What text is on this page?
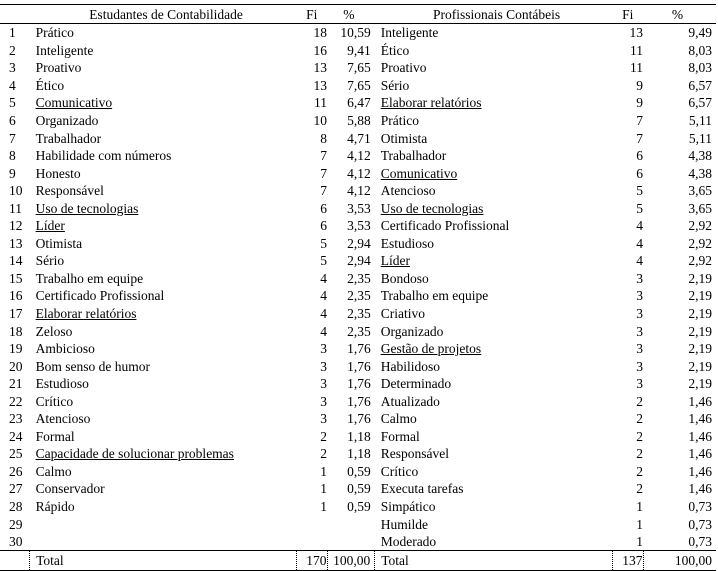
	Estudantes de Contabilidade	Fi	%	Profissionais Contábeis	Fi	%
1	Prático	18	10,59	Inteligente	13	9,49
2	Inteligente	16	9,41	Ético	11	8,03
3	Proativo	13	7,65	Proativo	11	8,03
4	Ético	13	7,65	Sério	9	6,57
5	Comunicativo	11	6,47	Elaborar relatórios	9	6,57
6	Organizado	10	5,88	Prático	7	5,11
7	Trabalhador	8	4,71	Otimista	7	5,11
8	Habilidade com números	7	4,12	Trabalhador	6	4,38
9	Honesto	7	4,12	Comunicativo	6	4,38
10	Responsável	7	4,12	Atencioso	5	3,65
11	Uso de tecnologias	6	3,53	Uso de tecnologias	5	3,65
12	Líder	6	3,53	Certificado Profissional	4	2,92
13	Otimista	5	2,94	Estudioso	4	2,92
14	Sério	5	2,94	Líder	4	2,92
15	Trabalho em equipe	4	2,35	Bondoso	3	2,19
16	Certificado Profissional	4	2,35	Trabalho em equipe	3	2,19
17	Elaborar relatórios	4	2,35	Criativo	3	2,19
18	Zeloso	4	2,35	Organizado	3	2,19
19	Ambicioso	3	1,76	Gestão de projetos	3	2,19
20	Bom senso de humor	3	1,76	Habilidoso	3	2,19
21	Estudioso	3	1,76	Determinado	3	2,19
22	Crítico	3	1,76	Atualizado	2	1,46
23	Atencioso	3	1,76	Calmo	2	1,46
24	Formal	2	1,18	Formal	2	1,46
25	Capacidade de solucionar problemas	2	1,18	Responsável	2	1,46
26	Calmo	1	0,59	Crítico	2	1,46
27	Conservador	1	0,59	Executa tarefas	2	1,46
28	Rápido	1	0,59	Simpático	1	0,73
29				Humilde	1	0,73
30				Moderado	1	0,73
	Total	170	100,00	Total	137	100,00
